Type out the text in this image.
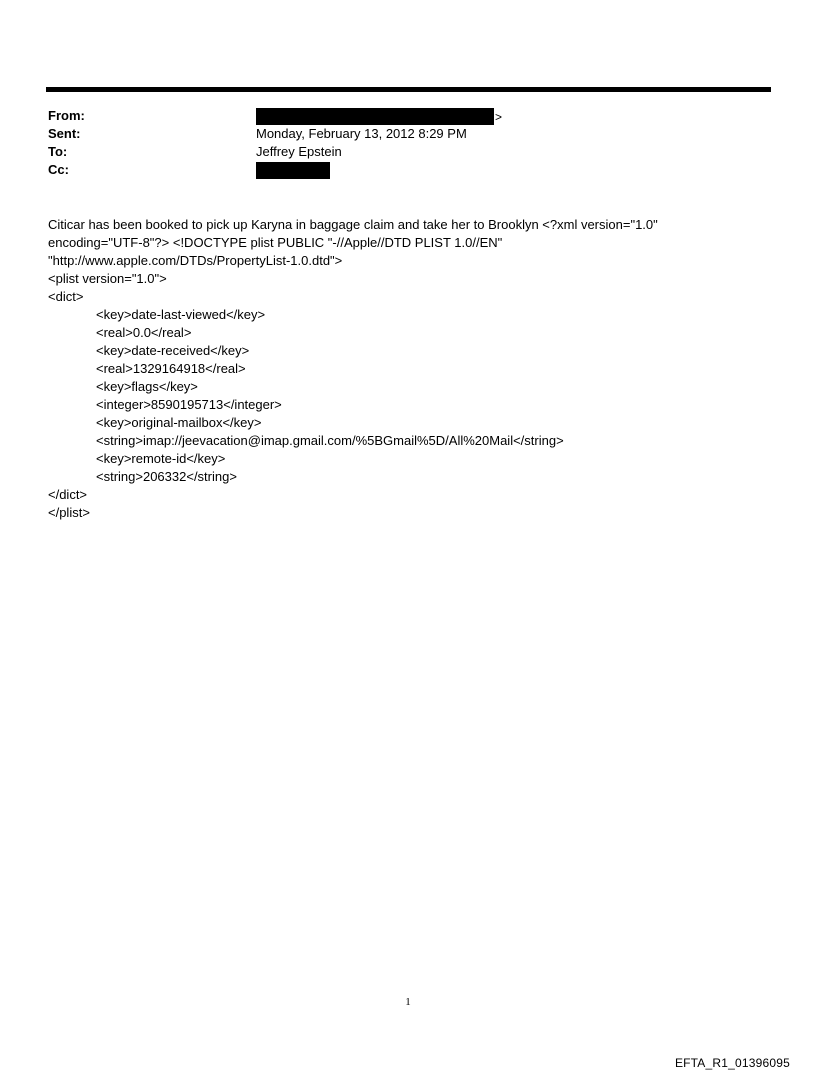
From:	>
Sent:	Monday, February 13, 2012 8:29 PM
To:	Jeffrey Epstein
Cc:
Citicar has been booked to pick up Karyna in baggage claim and take her to Brooklyn <?xml version="1.0"
encoding="UTF-8"?> <!DOCTYPE plist PUBLIC "-//Apple//DTD PLIST 1.0//EN"
"http://www.apple.com/DTDs/PropertyList-1.0.dtd">
<plist version="1.0">
<dict>
<key>date-last-viewed</key>
<real>0.0</real>
<key>date-received</key>
<real>1329164918</real>
<key>flags</key>
<integer>8590195713</integer>
<key>original-mailbox</key>
<string>imap://jeevacation@imap.gmail.com/%5BGmail%5D/All%20Mail</string>
<key>remote-id</key>
<string>206332</string>
</dict>
</plist>
1
EFTA_R1_01396095
